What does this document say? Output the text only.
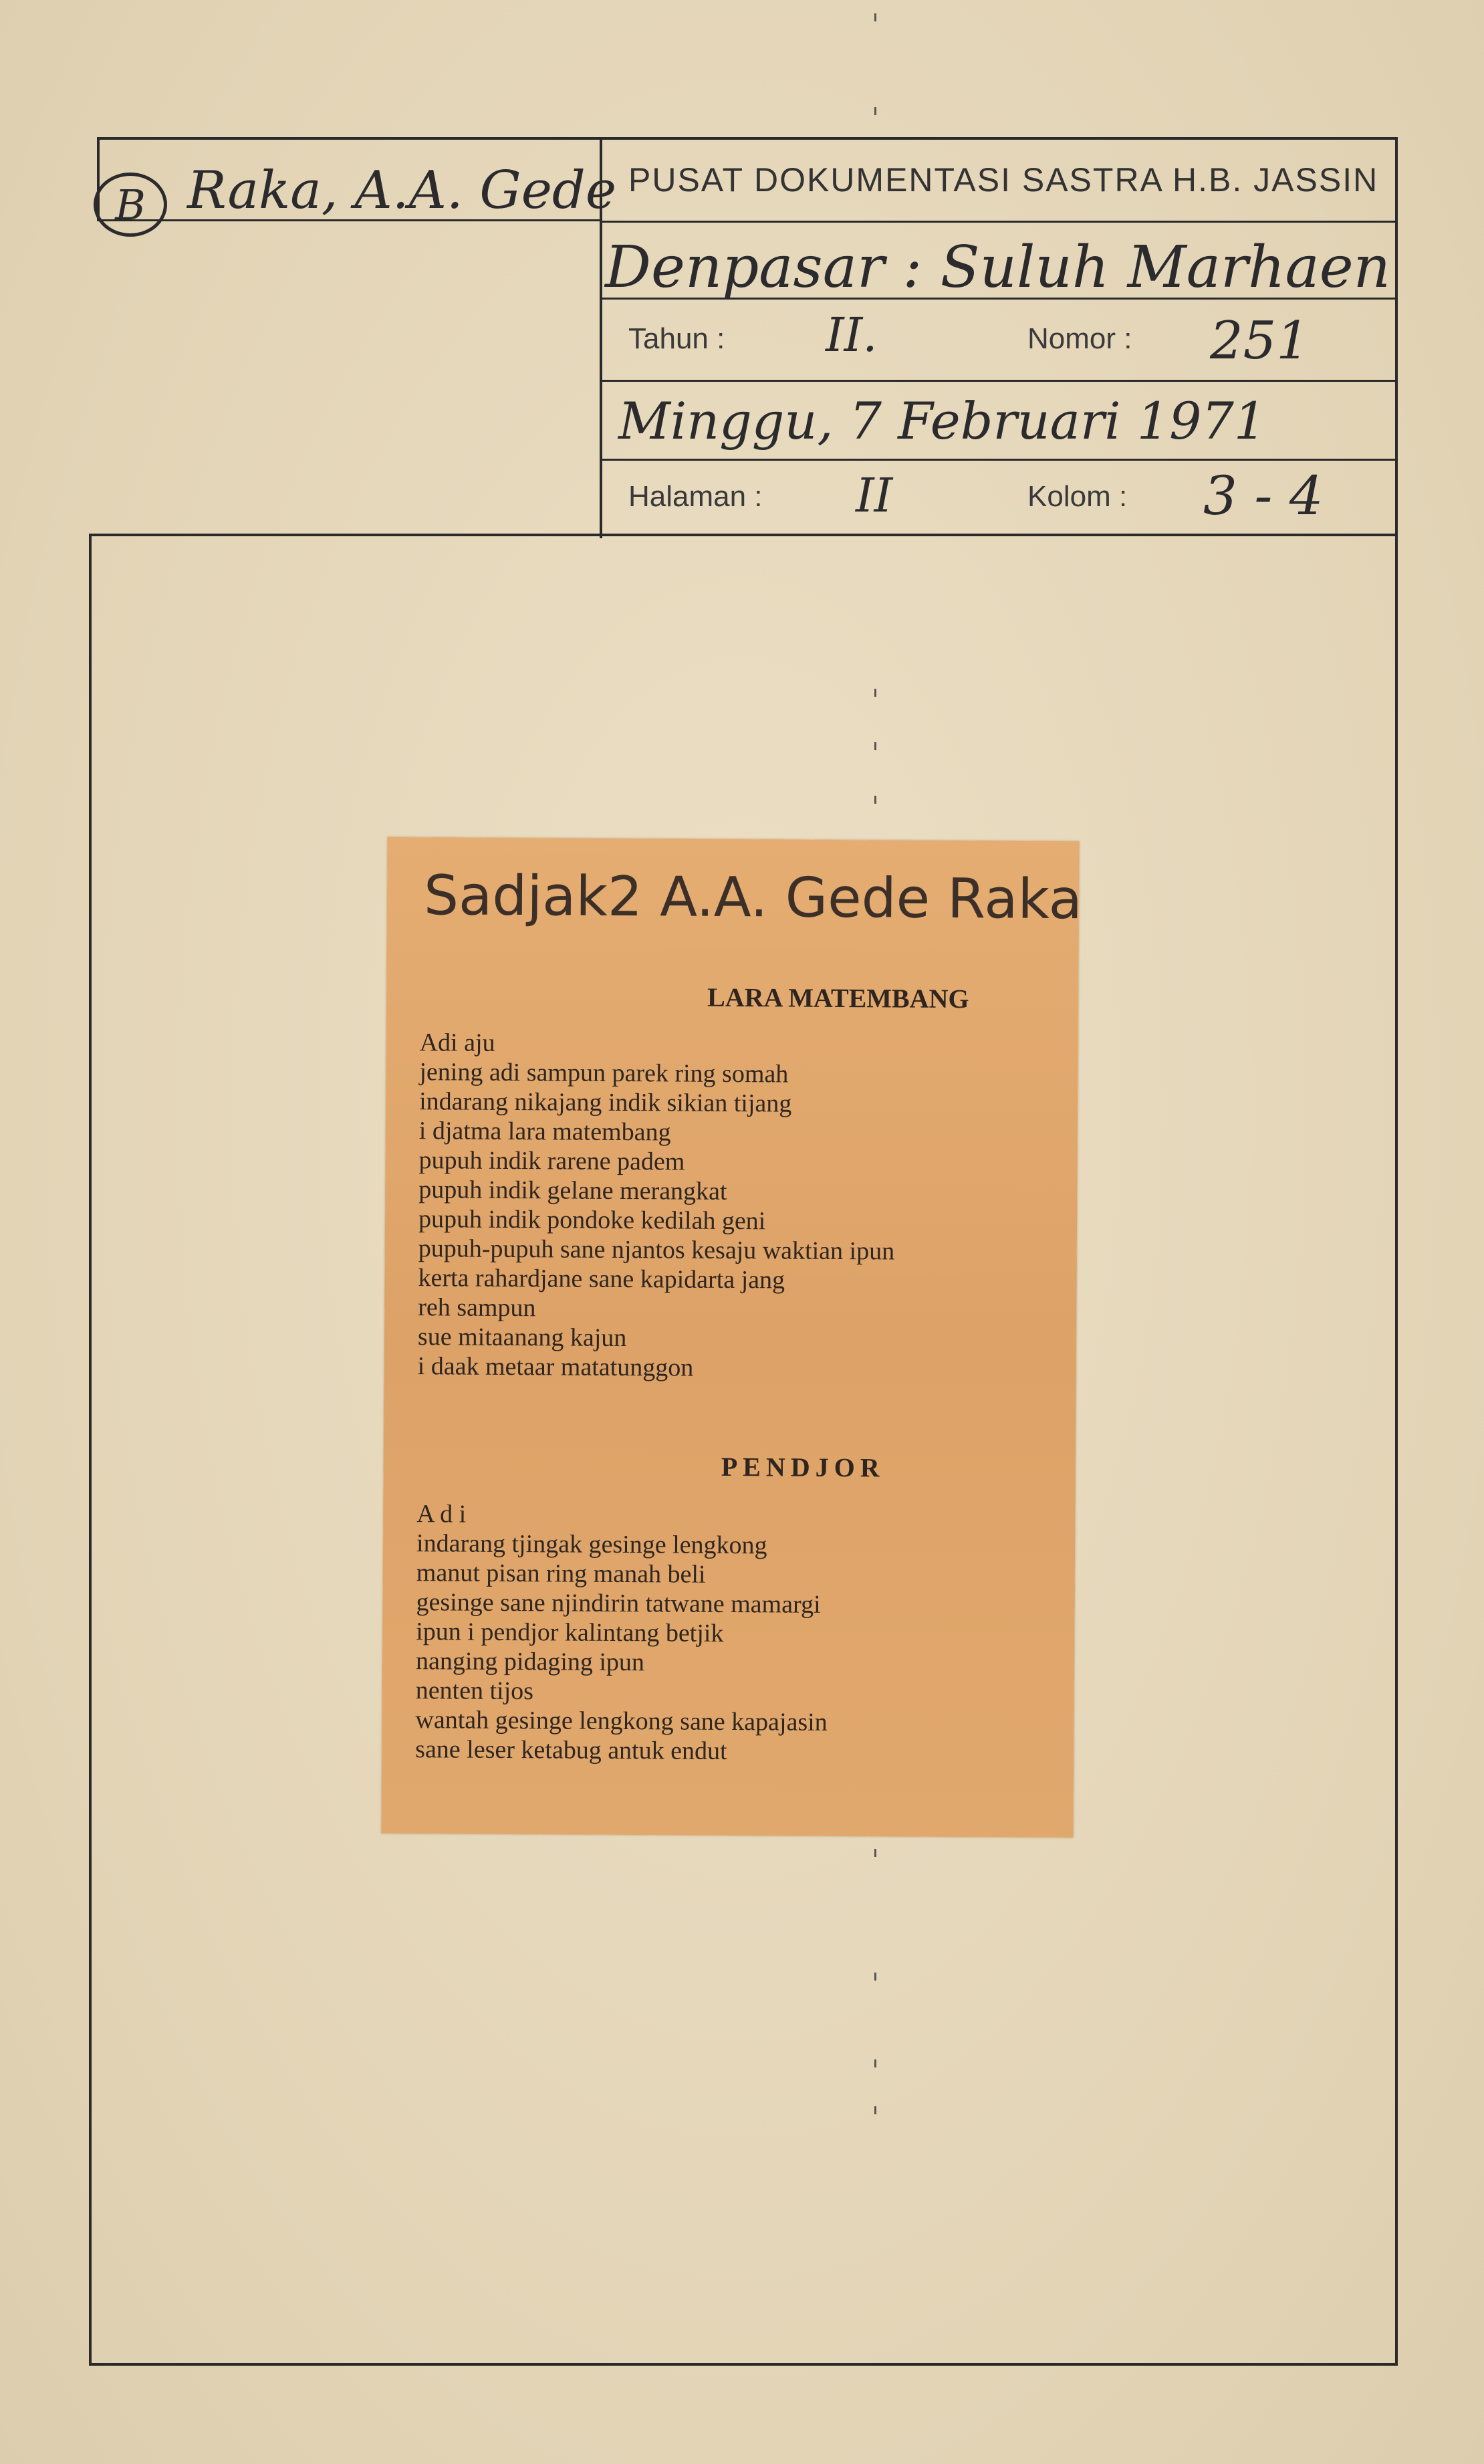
B Raka, A.A. Gede PUSAT DOKUMENTASI SASTRA H.B. JASSIN
Denpasar : Suluh Marhaen
Tahun : II.	Nomor : 251
Minggu, 7 Februari 1971
Halaman : II	Kolom : 3 - 4
Sadjak2 A.A. Gede Raka
LARA MATEMBANG
Adi aju
jening adi sampun parek ring somah
indarang nikajang indik sikian tijang
i djatma lara matembang
pupuh indik rarene padem
pupuh indik gelane merangkat
pupuh indik pondoke kedilah geni
pupuh-pupuh sane njantos kesaju waktian ipun
kerta rahardjane sane kapidarta jang
reh sampun
sue mitaanang kajun
i daak metaar matatunggon
PENDJOR
A d i
indarang tjingak gesinge lengkong
manut pisan ring manah beli
gesinge sane njindirin tatwane mamargi
ipun i pendjor kalintang betjik
nanging pidaging ipun
nenten tijos
wantah gesinge lengkong sane kapajasin
sane leser ketabug antuk endut
